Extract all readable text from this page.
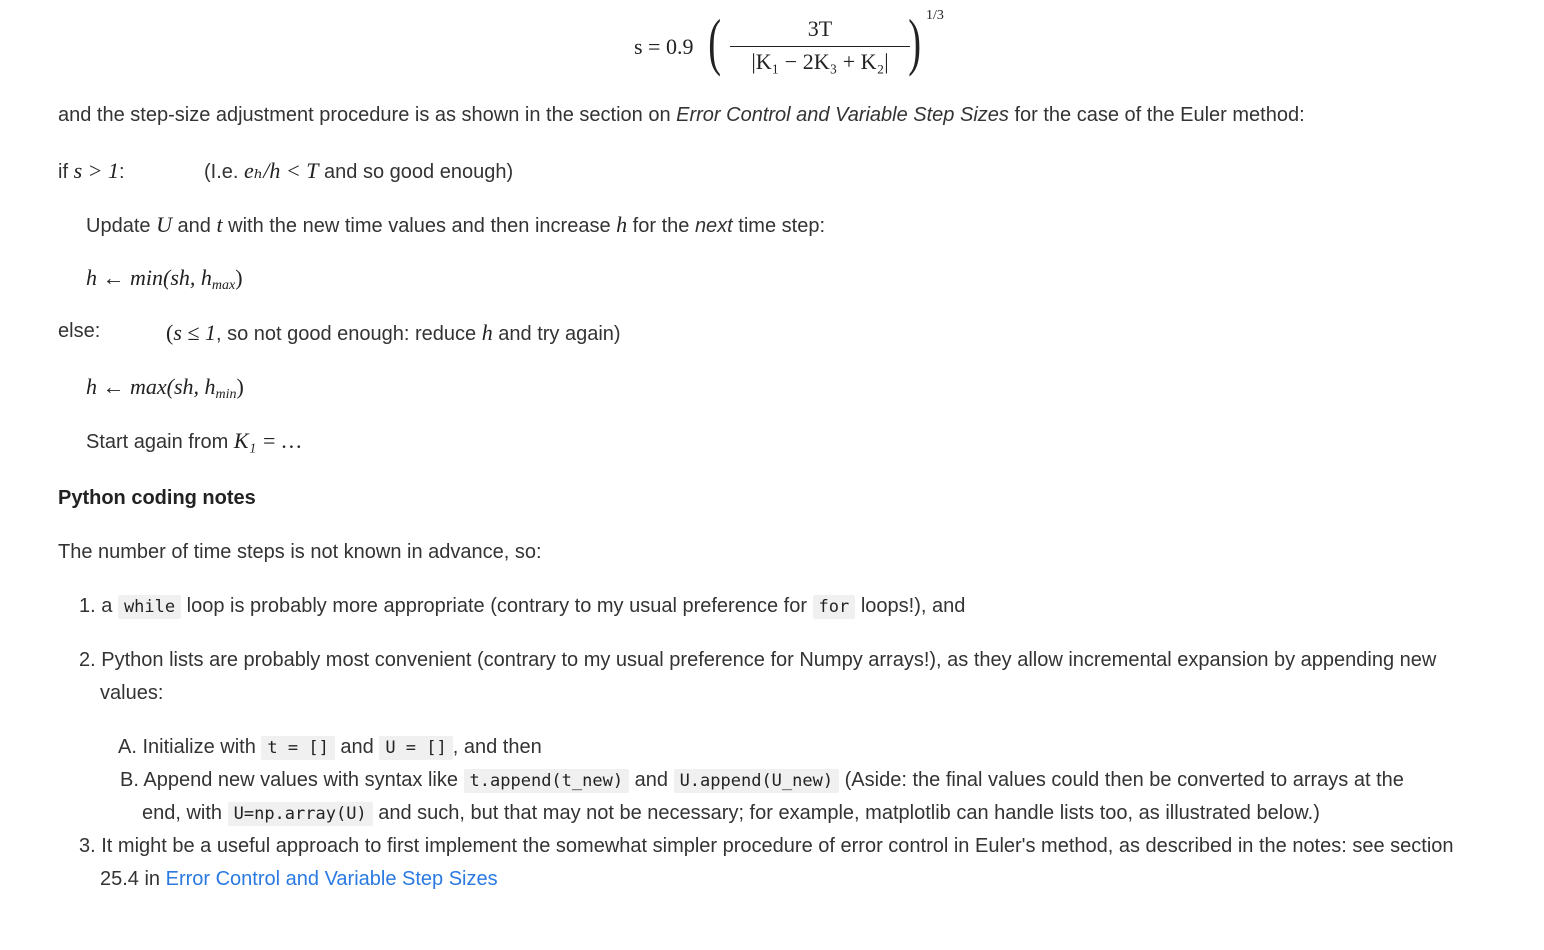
s = 0.9 (	3T
|K₁ − 2K₃ + K₂| ) 1/3
and the step-size adjustment procedure is as shown in the section on Error Control and Variable Step Sizes for the case of the Euler method:
if s > 1:	(I.e. eₕ/h < T and so good enough)
Update U and t with the new time values and then increase h for the next time step:
h ← min(sh, $h_{max}$)
else:	(s ≤ 1, so not good enough: reduce h and try again)
h ← max(sh, $h_{min}$)
Start again from K₁ = …
Python coding notes
The number of time steps is not known in advance, so:
1. a while loop is probably more appropriate (contrary to my usual preference for for loops!), and
2. Python lists are probably most convenient (contrary to my usual preference for Numpy arrays!), as they allow incremental expansion by appending new
values:
A. Initialize with t = [] and U = [] , and then
B. Append new values with syntax like t.append(t_new) and U.append(U_new) (Aside: the final values could then be converted to arrays at the
end, with U=np.array(U) and such, but that may not be necessary; for example, matplotlib can handle lists too, as illustrated below.)
3. It might be a useful approach to first implement the somewhat simpler procedure of error control in Euler's method, as described in the notes: see section
25.4 in Error Control and Variable Step Sizes
